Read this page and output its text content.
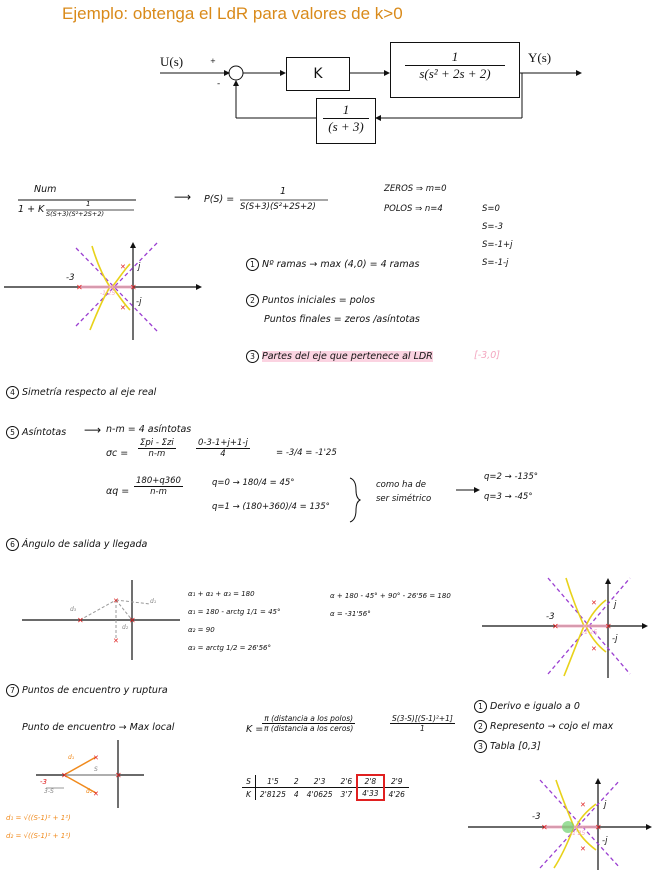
Ejemplo: obtenga el LdR para valores de k>0
✕	✕
✕
✕
✕	✕
✕
✕
✕	✕
✕
✕
✕	✕
✕
✕
✕	✕
✕
✕
U(s)	+
-
K	$\frac{1}{\text{s(s² + 2s + 2)}} Y(s)$
$\frac{1}{(s + 3)}$
Num
1 + K	1
S(S+3)(S²+2S+2)
⟶ P(S) =
1
S(S+3)(S²+2S+2)
ZEROS ⇒ m=0
POLOS ⇒ n=4	S=0
S=-3
S=-1+j
S=-1-j
-3
j
-j
-1'25
1 Nº ramas → max (4,0) = 4 ramas
2 Puntos iniciales = polos
Puntos finales = zeros /asíntotas
3 Partes del eje que pertenece al LDR	[-3,0]
4 Simetría respecto al eje real
5 Asíntotas ⟶ n-m = 4 asíntotas
σc =
Σpi - Σzi
n-m	$\frac{0-3-1+j+1-j}{4}$	= -3/4 = -1'25
$\alpha q = \frac{180+q360}{n-m}$	q=0 → 180/4 = 45°
q=1 → (180+360)/4 = 135°
como ha de
ser simétrico
q=2 → -135°
q=3 → -45°
6 Ángulo de salida y llegada
α₁ + α₂ + α₃ = 180
α₁ = 180 - arctg 1/1 = 45°
α₂ = 90
α₃ = arctg 1/2 = 26'56°
α + 180 - 45° + 90° - 26'56 = 180
α = -31'56°
d₃
d₁
d₂
-3
j
-j
-1'25
7 Puntos de encuentro y ruptura
Punto de encuentro → Max local	K =
π (distancia a los polos)
π (distancia a los ceros)	$\frac{\text{S(3-S)[(S-1)²+1]}}{1}$
1 Derivo e igualo a 0
2 Represento → cojo el max
3 Tabla [0,3]
d₁
d₂
S
3-S
-3
d₁ = √((S-1)² + 1²)
d₂ = √((S-1)² + 1²)
S	1'5	2	2'3	2'6	2'8	2'9
K	2'8125	4	4'0625	3'7	4'33	4'26
-3
j
-j
-1'25
